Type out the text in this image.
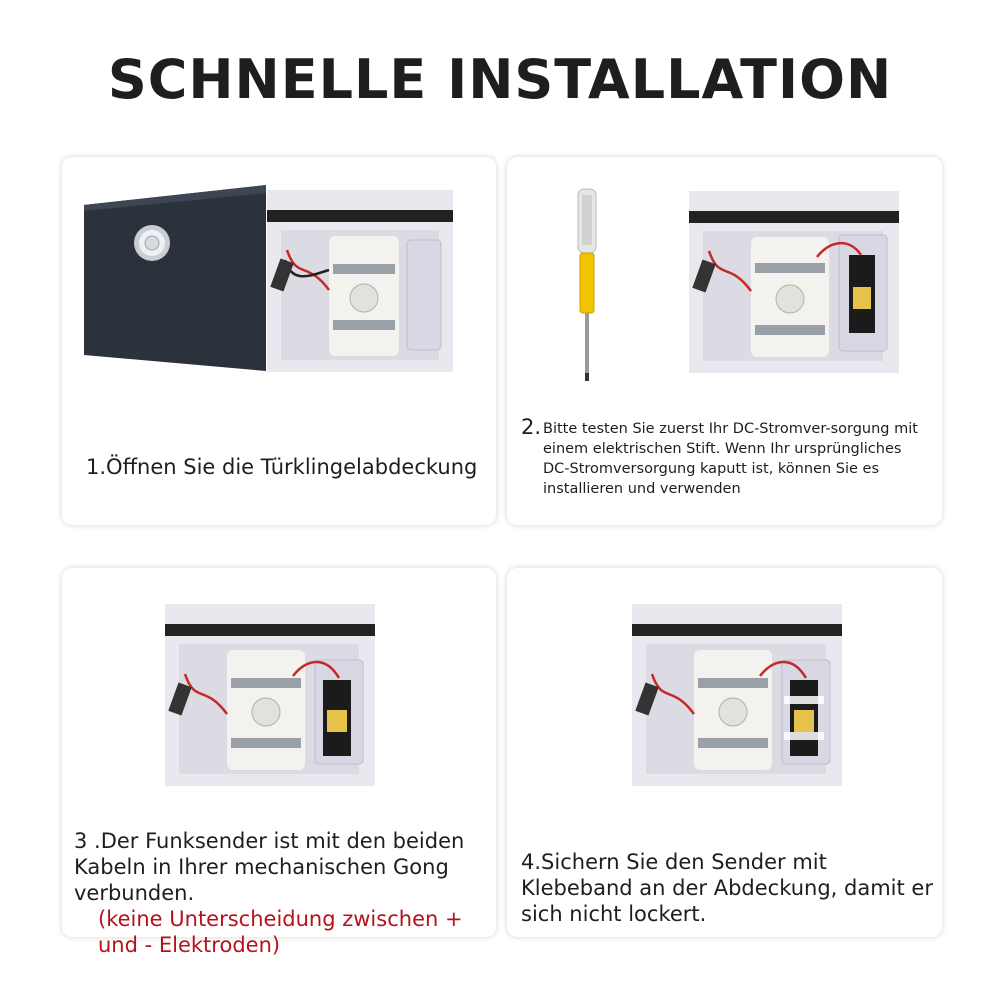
SCHNELLE INSTALLATION
1.Öffnen Sie die Türklingelabdeckung
2. Bitte testen Sie zuerst Ihr DC-Stromver-sorgung mit einem elektrischen Stift. Wenn Ihr ursprüngliches DC-Stromversorgung kaputt ist, können Sie es installieren und verwenden
3 .Der Funksender ist mit den beiden Kabeln in Ihrer mechanischen Gong verbunden.
(keine Unterscheidung zwischen + und - Elektroden)
4.Sichern Sie den Sender mit Klebeband an der Abdeckung, damit er sich nicht lockert.
